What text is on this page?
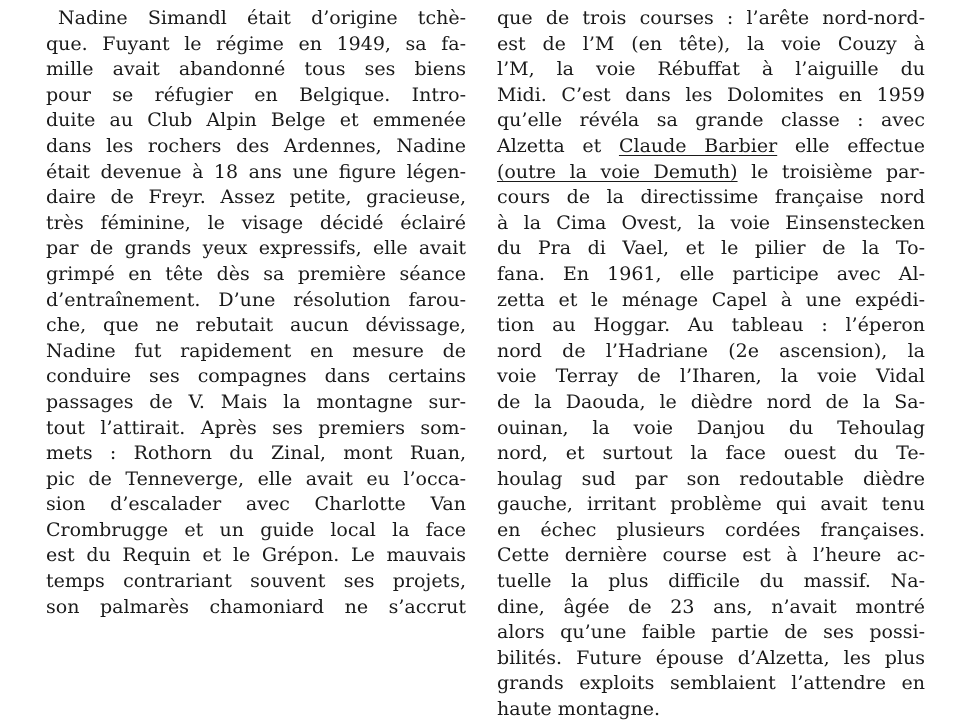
Nadine Simandl était d’origine tchè-
que. Fuyant le régime en 1949, sa fa-
mille avait abandonné tous ses biens
pour se réfugier en Belgique. Intro-
duite au Club Alpin Belge et emmenée
dans les rochers des Ardennes, Nadine
était devenue à 18 ans une figure légen-
daire de Freyr. Assez petite, gracieuse,
très féminine, le visage décidé éclairé
par de grands yeux expressifs, elle avait
grimpé en tête dès sa première séance
d’entraînement. D’une résolution farou-
che, que ne rebutait aucun dévissage,
Nadine fut rapidement en mesure de
conduire ses compagnes dans certains
passages de V. Mais la montagne sur-
tout l’attirait. Après ses premiers som-
mets : Rothorn du Zinal, mont Ruan,
pic de Tenneverge, elle avait eu l’occa-
sion d’escalader avec Charlotte Van
Crombrugge et un guide local la face
est du Requin et le Grépon. Le mauvais
temps contrariant souvent ses projets,
son palmarès chamoniard ne s’accrut
que de trois courses : l’arête nord-nord-
est de l’M (en tête), la voie Couzy à
l’M, la voie Rébuffat à l’aiguille du
Midi. C’est dans les Dolomites en 1959
qu’elle révéla sa grande classe : avec
Alzetta et Claude Barbier elle effectue
(outre la voie Demuth) le troisième par-
cours de la directissime française nord
à la Cima Ovest, la voie Einsenstecken
du Pra di Vael, et le pilier de la To-
fana. En 1961, elle participe avec Al-
zetta et le ménage Capel à une expédi-
tion au Hoggar. Au tableau : l’éperon
nord de l’Hadriane (2e ascension), la
voie Terray de l’Iharen, la voie Vidal
de la Daouda, le dièdre nord de la Sa-
ouinan, la voie Danjou du Tehoulag
nord, et surtout la face ouest du Te-
houlag sud par son redoutable dièdre
gauche, irritant problème qui avait tenu
en échec plusieurs cordées françaises.
Cette dernière course est à l’heure ac-
tuelle la plus difficile du massif. Na-
dine, âgée de 23 ans, n’avait montré
alors qu’une faible partie de ses possi-
bilités. Future épouse d’Alzetta, les plus
grands exploits semblaient l’attendre en
haute montagne.
